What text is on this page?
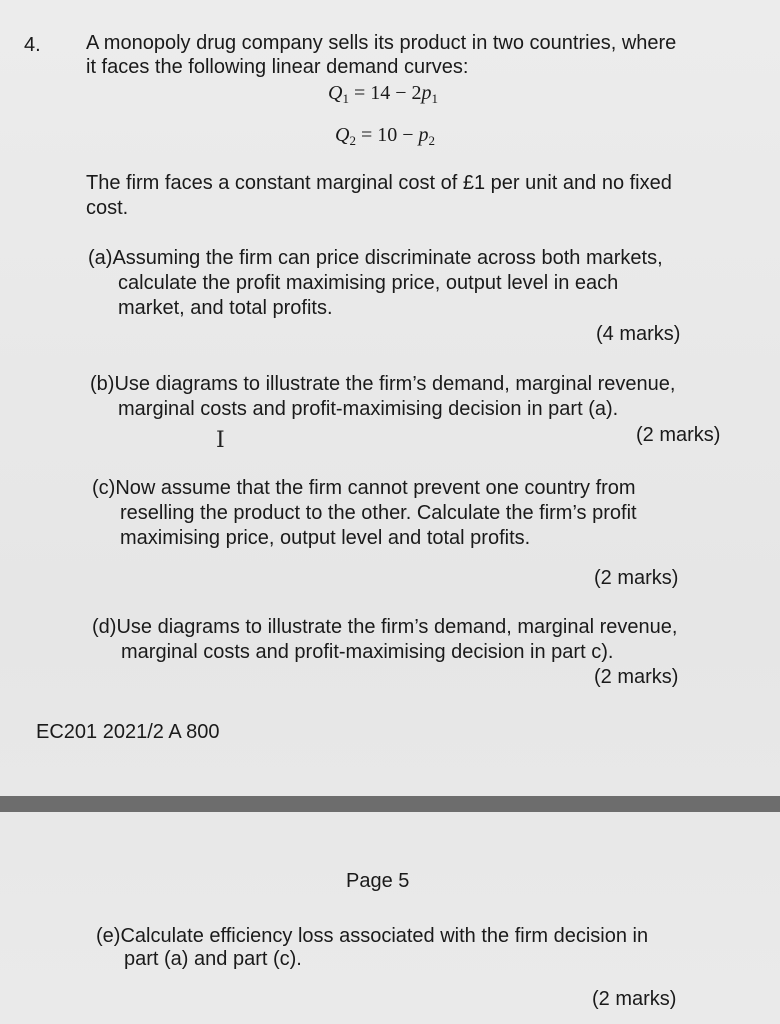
4. A monopoly drug company sells its product in two countries, where
it faces the following linear demand curves:
$Q_1 = 14 - 2p_1$
$Q_2 = 10 - p_2$
The firm faces a constant marginal cost of £1 per unit and no fixed
cost.
(a)Assuming the firm can price discriminate across both markets,
calculate the profit maximising price, output level in each
market, and total profits.
(4 marks)
(b)Use diagrams to illustrate the firm’s demand, marginal revenue,
marginal costs and profit-maximising decision in part (a).
I	(2 marks)
(c)Now assume that the firm cannot prevent one country from
reselling the product to the other. Calculate the firm’s profit
maximising price, output level and total profits.
(2 marks)
(d)Use diagrams to illustrate the firm’s demand, marginal revenue,
marginal costs and profit-maximising decision in part c).
(2 marks)
EC201 2021/2 A 800
Page 5
(e)Calculate efficiency loss associated with the firm decision in
part (a) and part (c).
(2 marks)
